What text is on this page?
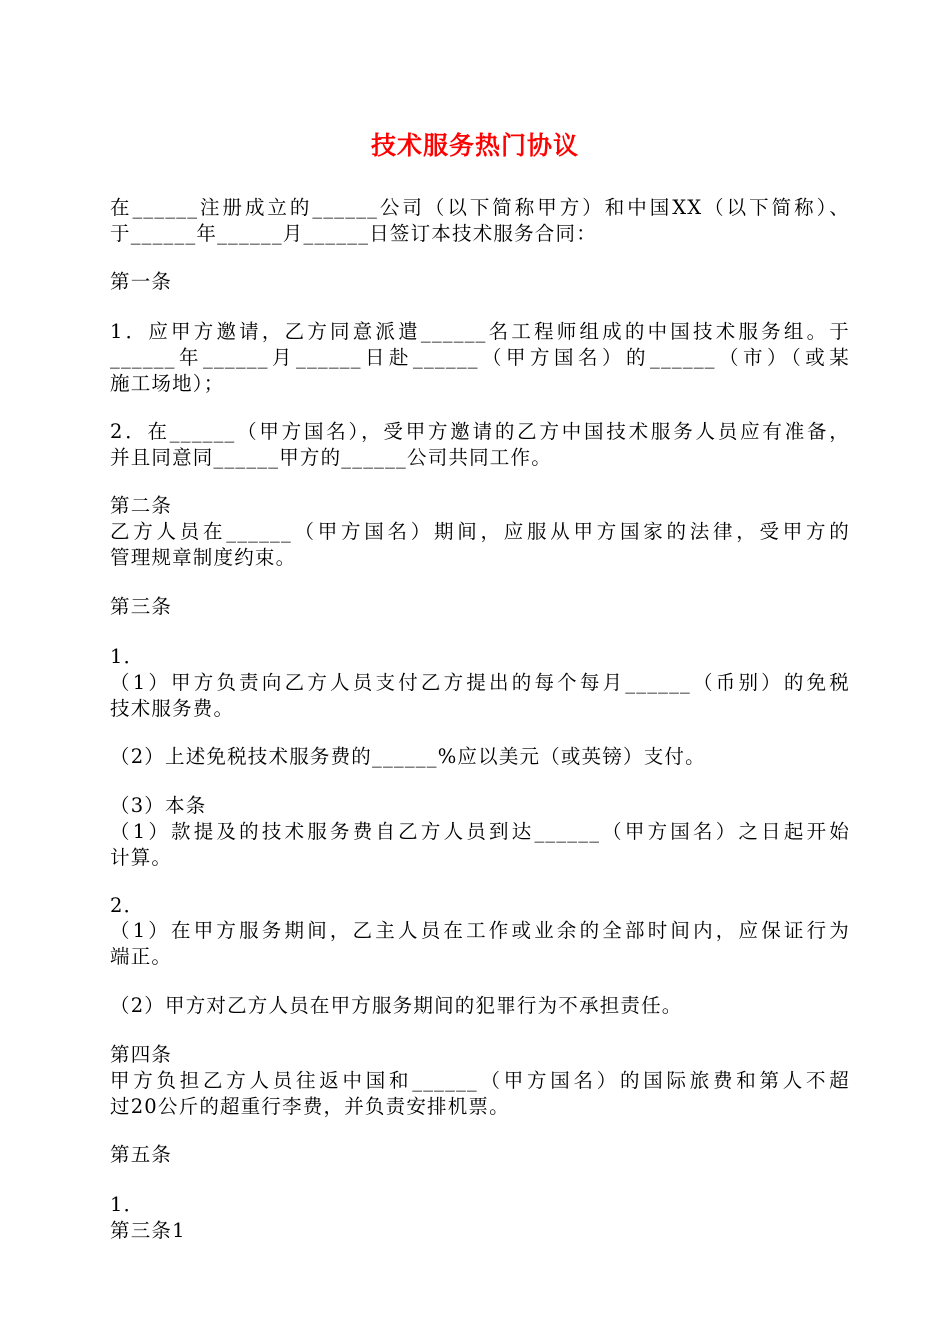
技术服务热门协议
在______注册成立的______公司（以下简称甲方）和中国XX（以下简称）、
于______年______月______日签订本技术服务合同：
第一条
1．应甲方邀请，乙方同意派遣______名工程师组成的中国技术服务组。于
______年______月______日赴______（甲方国名）的______（市）（或某
施工场地）；
2．在______（甲方国名），受甲方邀请的乙方中国技术服务人员应有准备，
并且同意同______甲方的______公司共同工作。
第二条
乙方人员在______（甲方国名）期间，应服从甲方国家的法律，受甲方的
管理规章制度约束。
第三条
1．
（1）甲方负责向乙方人员支付乙方提出的每个每月______（币别）的免税
技术服务费。
（2）上述免税技术服务费的______%应以美元（或英镑）支付。
（3）本条
（1）款提及的技术服务费自乙方人员到达______（甲方国名）之日起开始
计算。
2．
（1）在甲方服务期间，乙主人员在工作或业余的全部时间内，应保证行为
端正。
（2）甲方对乙方人员在甲方服务期间的犯罪行为不承担责任。
第四条
甲方负担乙方人员往返中国和______（甲方国名）的国际旅费和第人不超
过20公斤的超重行李费，并负责安排机票。
第五条
1．
第三条1
